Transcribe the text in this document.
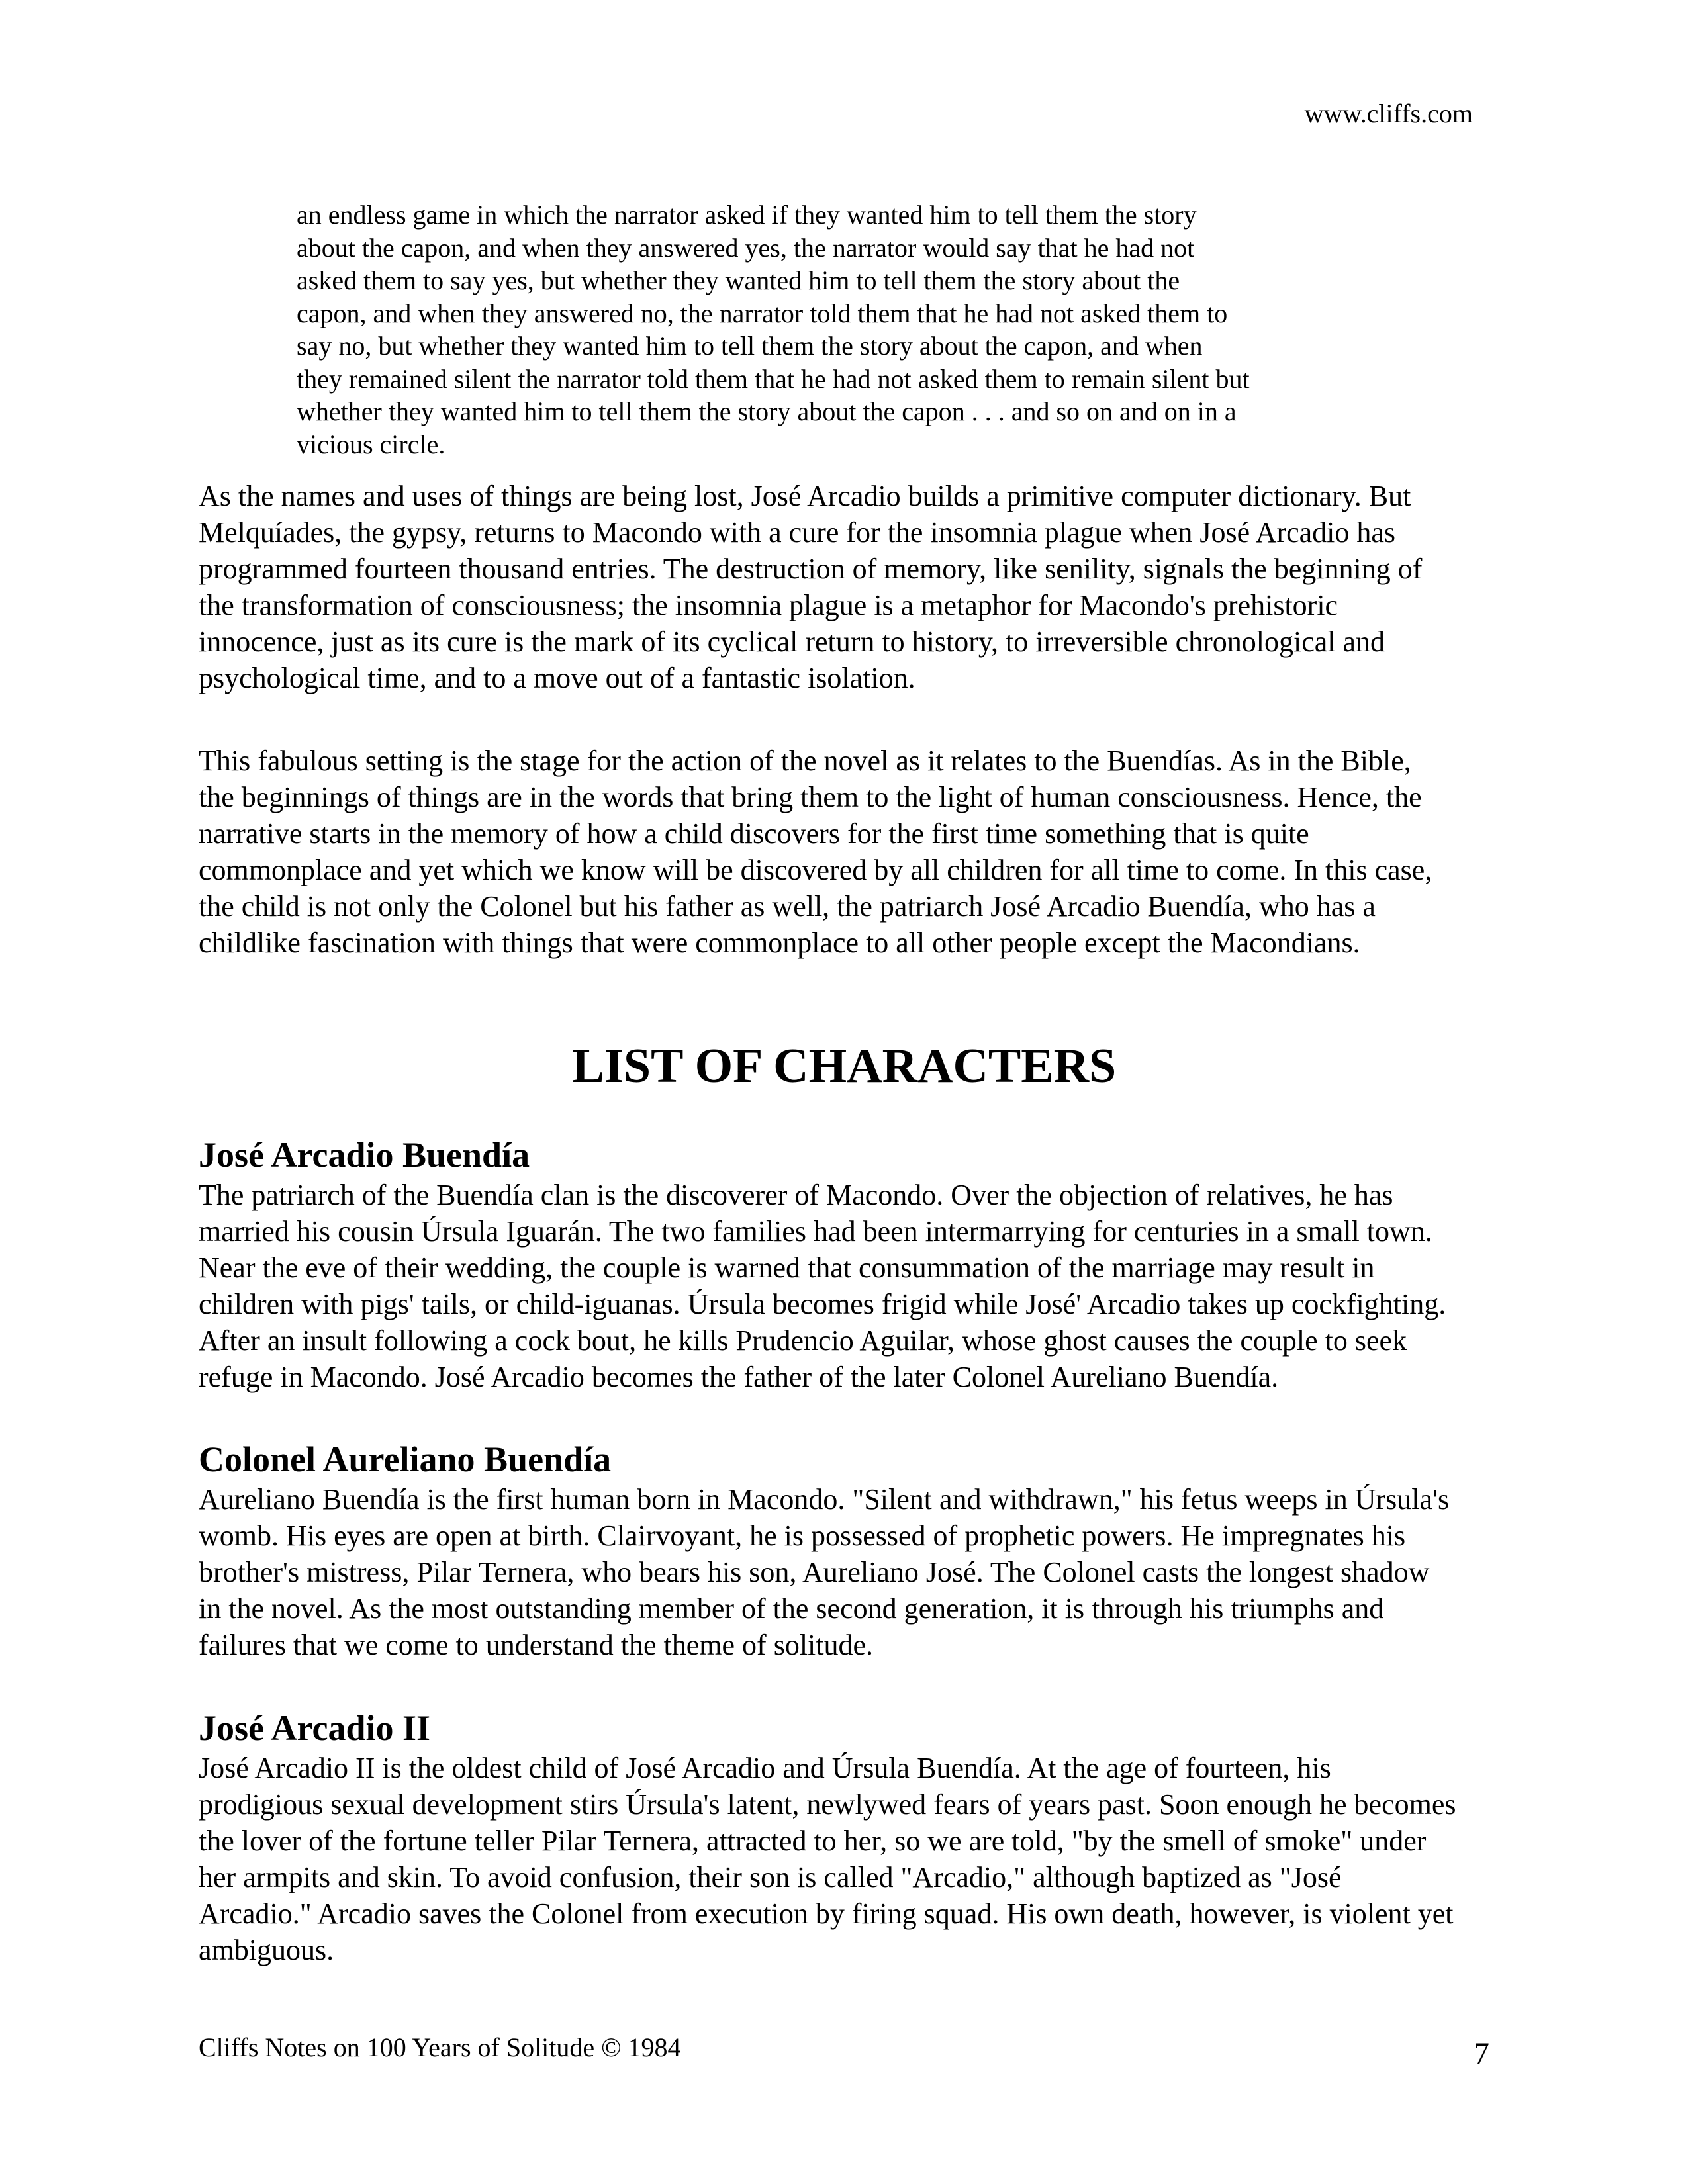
www.cliffs.com
an endless game in which the narrator asked if they wanted him to tell them the story
about the capon, and when they answered yes, the narrator would say that he had not
asked them to say yes, but whether they wanted him to tell them the story about the
capon, and when they answered no, the narrator told them that he had not asked them to
say no, but whether they wanted him to tell them the story about the capon, and when
they remained silent the narrator told them that he had not asked them to remain silent but
whether they wanted him to tell them the story about the capon . . . and so on and on in a
vicious circle.
As the names and uses of things are being lost, José Arcadio builds a primitive computer dictionary. But
Melquíades, the gypsy, returns to Macondo with a cure for the insomnia plague when José Arcadio has
programmed fourteen thousand entries. The destruction of memory, like senility, signals the beginning of
the transformation of consciousness; the insomnia plague is a metaphor for Macondo's prehistoric
innocence, just as its cure is the mark of its cyclical return to history, to irreversible chronological and
psychological time, and to a move out of a fantastic isolation.
This fabulous setting is the stage for the action of the novel as it relates to the Buendías. As in the Bible,
the beginnings of things are in the words that bring them to the light of human consciousness. Hence, the
narrative starts in the memory of how a child discovers for the first time something that is quite
commonplace and yet which we know will be discovered by all children for all time to come. In this case,
the child is not only the Colonel but his father as well, the patriarch José Arcadio Buendía, who has a
childlike fascination with things that were commonplace to all other people except the Macondians.
LIST OF CHARACTERS
José Arcadio Buendía
The patriarch of the Buendía clan is the discoverer of Macondo. Over the objection of relatives, he has
married his cousin Úrsula Iguarán. The two families had been intermarrying for centuries in a small town.
Near the eve of their wedding, the couple is warned that consummation of the marriage may result in
children with pigs' tails, or child-iguanas. Úrsula becomes frigid while José' Arcadio takes up cockfighting.
After an insult following a cock bout, he kills Prudencio Aguilar, whose ghost causes the couple to seek
refuge in Macondo. José Arcadio becomes the father of the later Colonel Aureliano Buendía.
Colonel Aureliano Buendía
Aureliano Buendía is the first human born in Macondo. "Silent and withdrawn," his fetus weeps in Úrsula's
womb. His eyes are open at birth. Clairvoyant, he is possessed of prophetic powers. He impregnates his
brother's mistress, Pilar Ternera, who bears his son, Aureliano José. The Colonel casts the longest shadow
in the novel. As the most outstanding member of the second generation, it is through his triumphs and
failures that we come to understand the theme of solitude.
José Arcadio II
José Arcadio II is the oldest child of José Arcadio and Úrsula Buendía. At the age of fourteen, his
prodigious sexual development stirs Úrsula's latent, newlywed fears of years past. Soon enough he becomes
the lover of the fortune teller Pilar Ternera, attracted to her, so we are told, "by the smell of smoke" under
her armpits and skin. To avoid confusion, their son is called "Arcadio," although baptized as "José
Arcadio." Arcadio saves the Colonel from execution by firing squad. His own death, however, is violent yet
ambiguous.
Cliffs Notes on 100 Years of Solitude © 1984	7
